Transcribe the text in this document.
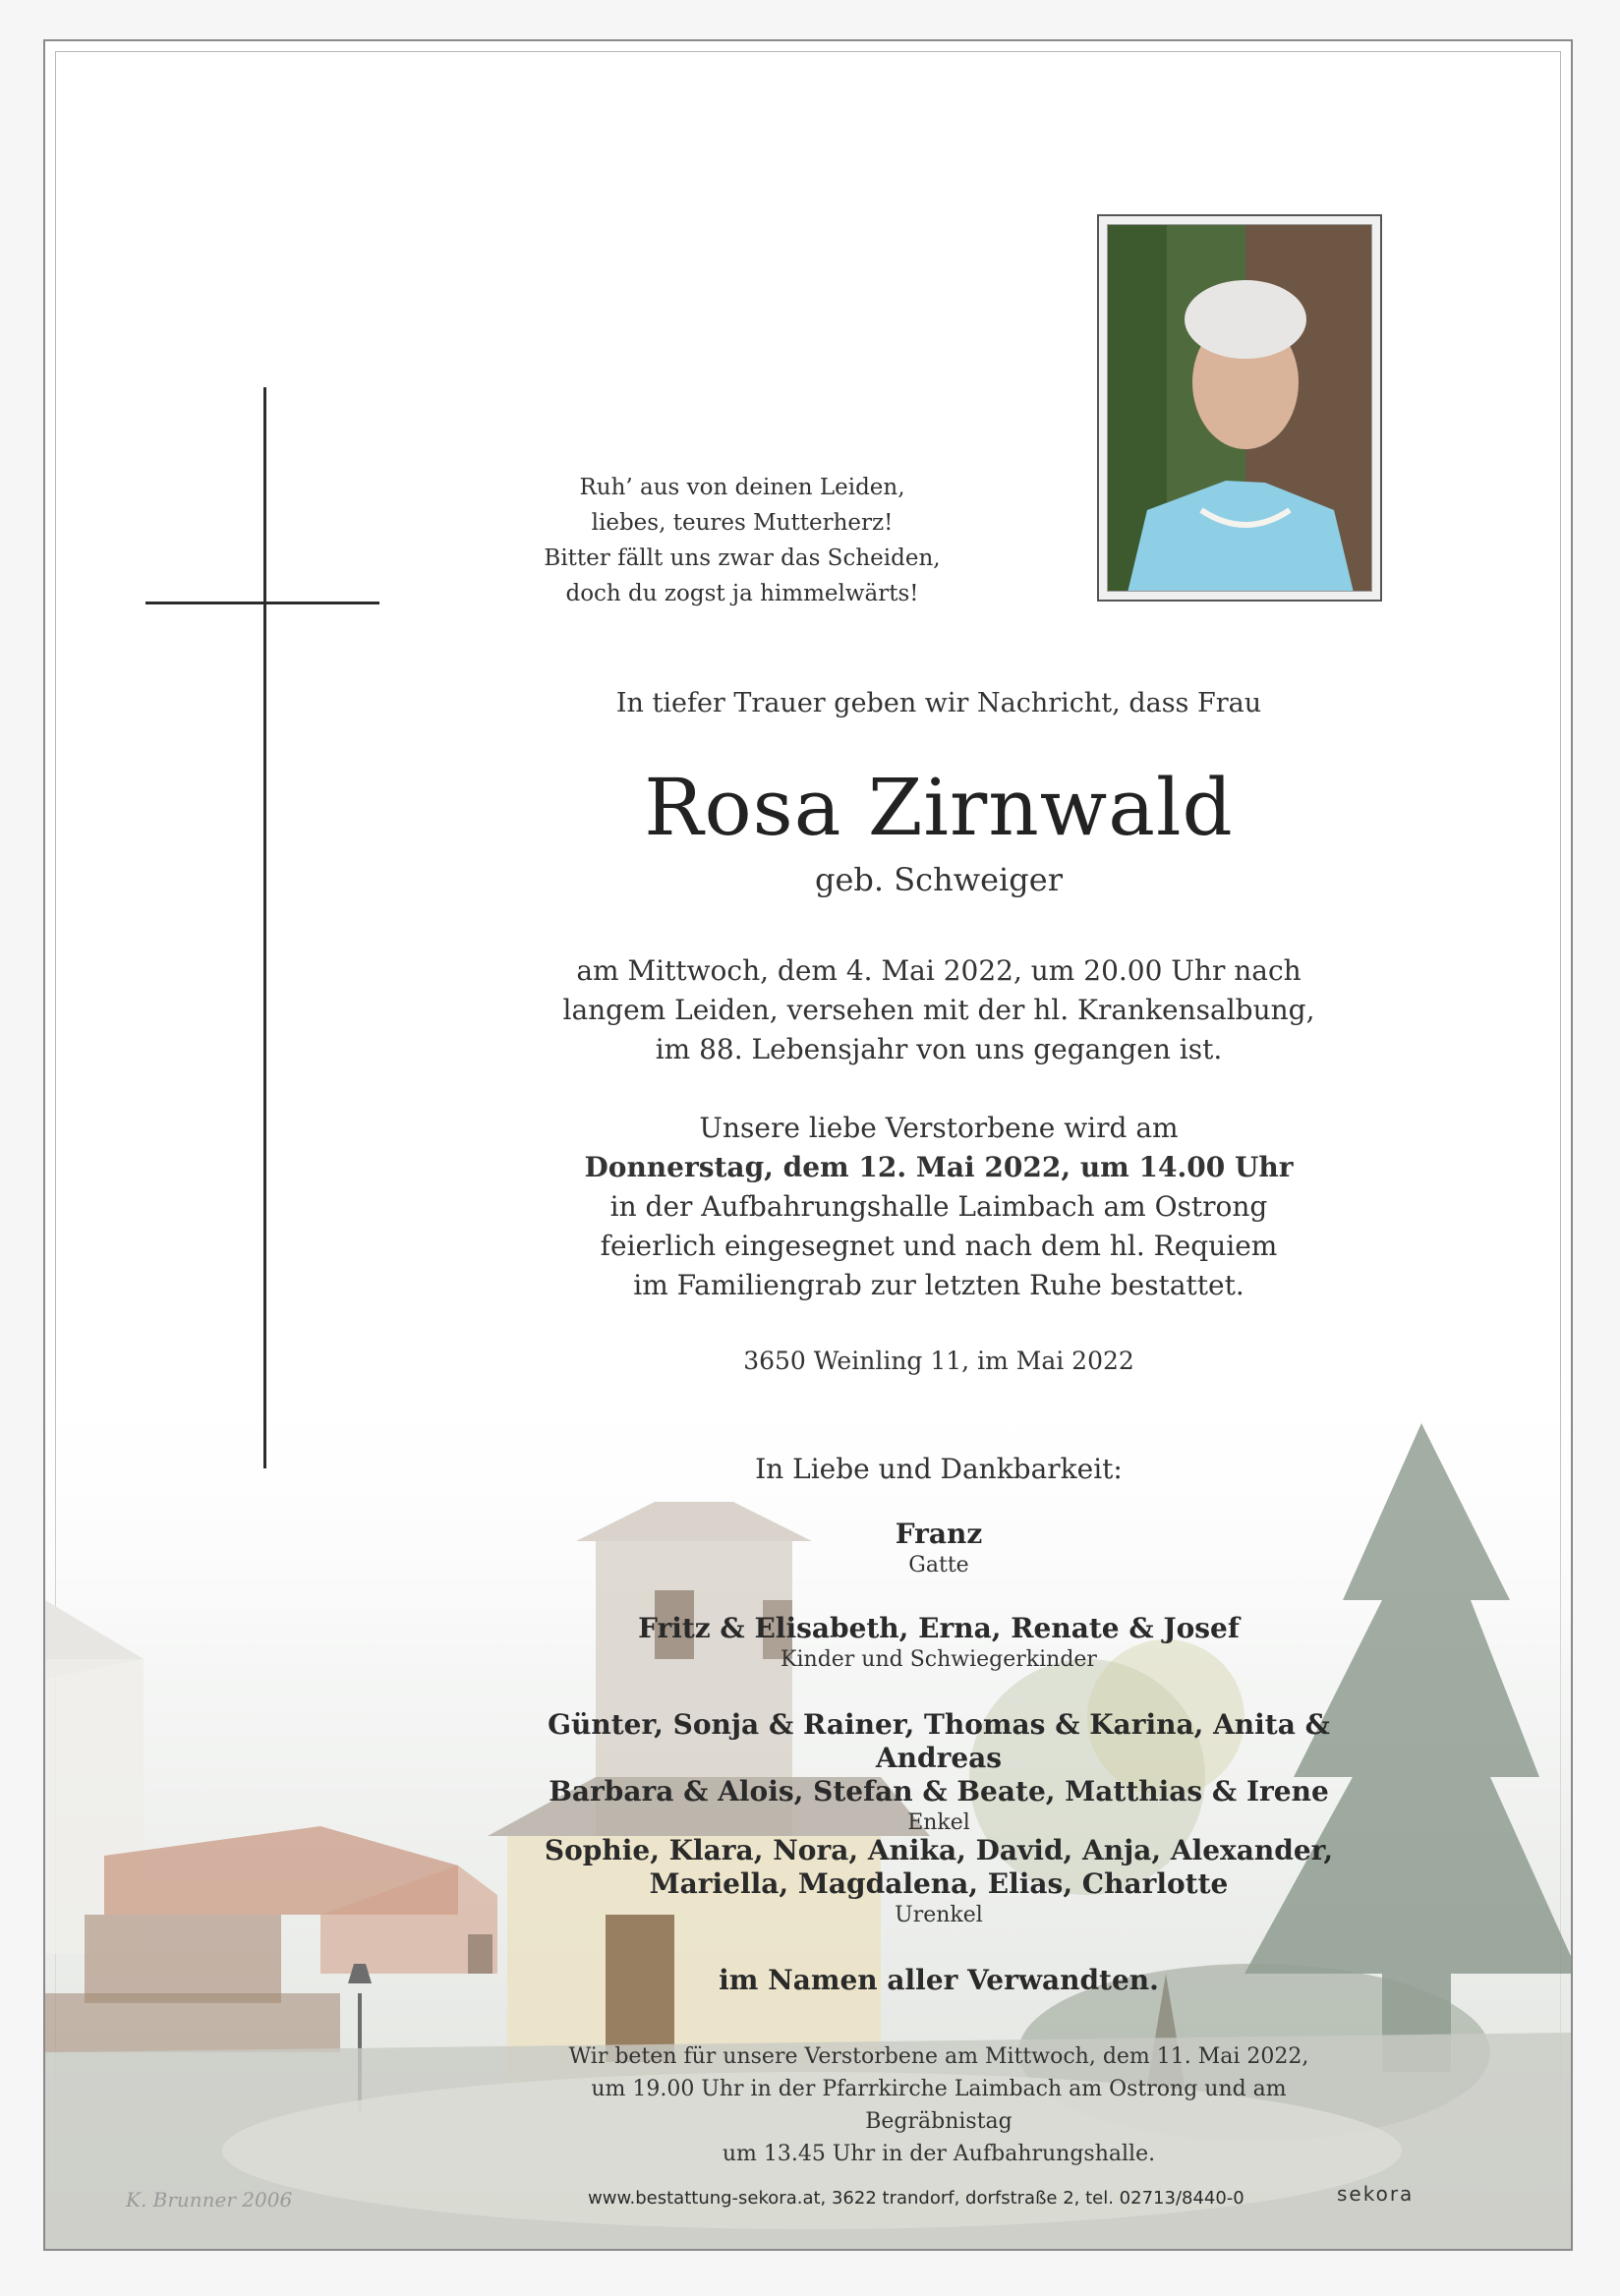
Ruh’ aus von deinen Leiden,
liebes, teures Mutterherz!
Bitter fällt uns zwar das Scheiden,
doch du zogst ja himmelwärts!
In tiefer Trauer geben wir Nachricht, dass Frau
Rosa Zirnwald
geb. Schweiger
am Mittwoch, dem 4. Mai 2022, um 20.00 Uhr nach
langem Leiden, versehen mit der hl. Krankensalbung,
im 88. Lebensjahr von uns gegangen ist.
Unsere liebe Verstorbene wird am
Donnerstag, dem 12. Mai 2022, um 14.00 Uhr
in der Aufbahrungshalle Laimbach am Ostrong
feierlich eingesegnet und nach dem hl. Requiem
im Familiengrab zur letzten Ruhe bestattet.
3650 Weinling 11, im Mai 2022
In Liebe und Dankbarkeit:
Franz
Gatte
Fritz & Elisabeth, Erna, Renate & Josef
Kinder und Schwiegerkinder
Günter, Sonja & Rainer, Thomas & Karina, Anita & Andreas
Barbara & Alois, Stefan & Beate, Matthias & Irene
Enkel
Sophie, Klara, Nora, Anika, David, Anja, Alexander,
Mariella, Magdalena, Elias, Charlotte
Urenkel
im Namen aller Verwandten.
Wir beten für unsere Verstorbene am Mittwoch, dem 11. Mai 2022,
um 19.00 Uhr in der Pfarrkirche Laimbach am Ostrong und am Begräbnistag
um 13.45 Uhr in der Aufbahrungshalle.
K. Brunner 2006	www.bestattung-sekora.at, 3622 trandorf, dorfstraße 2, tel. 02713/8440-0	sekora
